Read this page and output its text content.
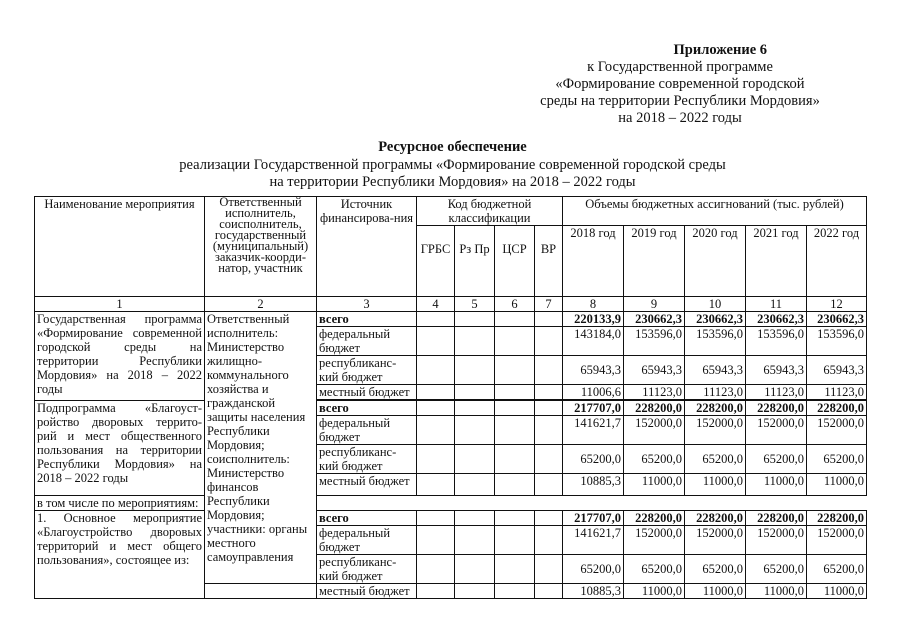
Приложение 6
к Государственной программе
«Формирование современной городской
среды на территории Республики Мордовия»
на 2018 – 2022 годы
Ресурсное обеспечение
реализации Государственной программы «Формирование современной городской среды
на территории Республики Мордовия» на 2018 – 2022 годы
Наименование мероприятия	Ответственный исполнитель, соисполнитель, государственный (муниципальный) заказчик-коорди-натор, участник	Источник финансирова-ния	Код бюджетной классификации				Объемы бюджетных ассигнований (тыс. рублей)				
			ГРБС	Рз Пр	ЦСР	ВР	2018 год	2019 год	2020 год	2021 год	2022 год
1	2	3	4	5	6	7	8	9	10	11	12
Государственная программа «Формирование современной городской среды на территории Республики Мордовия» на 2018 – 2022 годы	Ответственный исполнитель: Министерство жилищно-коммунального хозяйства и гражданской защиты населения Республики Мордовия; соисполнитель: Министерство финансов Республики Мордовия; участники: органы местного самоуправления	всего					220133,9	230662,3	230662,3	230662,3	230662,3
		федеральный бюджет					143184,0	153596,0	153596,0	153596,0	153596,0
		республиканс-кий бюджет					65943,3	65943,3	65943,3	65943,3	65943,3
		местный бюджет					11006,6	11123,0	11123,0	11123,0	11123,0

Подпрограмма «Благоуст-ройство дворовых террито-рий и мест общественного пользования на территории Республики Мордовия» на 2018 – 2022 годы		всего					217707,0	228200,0	228200,0	228200,0	228200,0
		федеральный бюджет					141621,7	152000,0	152000,0	152000,0	152000,0
		республиканс-кий бюджет					65200,0	65200,0	65200,0	65200,0	65200,0
		местный бюджет					10885,3	11000,0	11000,0	11000,0	11000,0
в том числе по мероприятиям:											
1. Основное мероприятие «Благоустройство дворовых территорий и мест общего пользования», состоящее из:		всего					217707,0	228200,0	228200,0	228200,0	228200,0
		федеральный бюджет					141621,7	152000,0	152000,0	152000,0	152000,0
		республиканс-кий бюджет					65200,0	65200,0	65200,0	65200,0	65200,0
		местный бюджет					10885,3	11000,0	11000,0	11000,0	11000,0
